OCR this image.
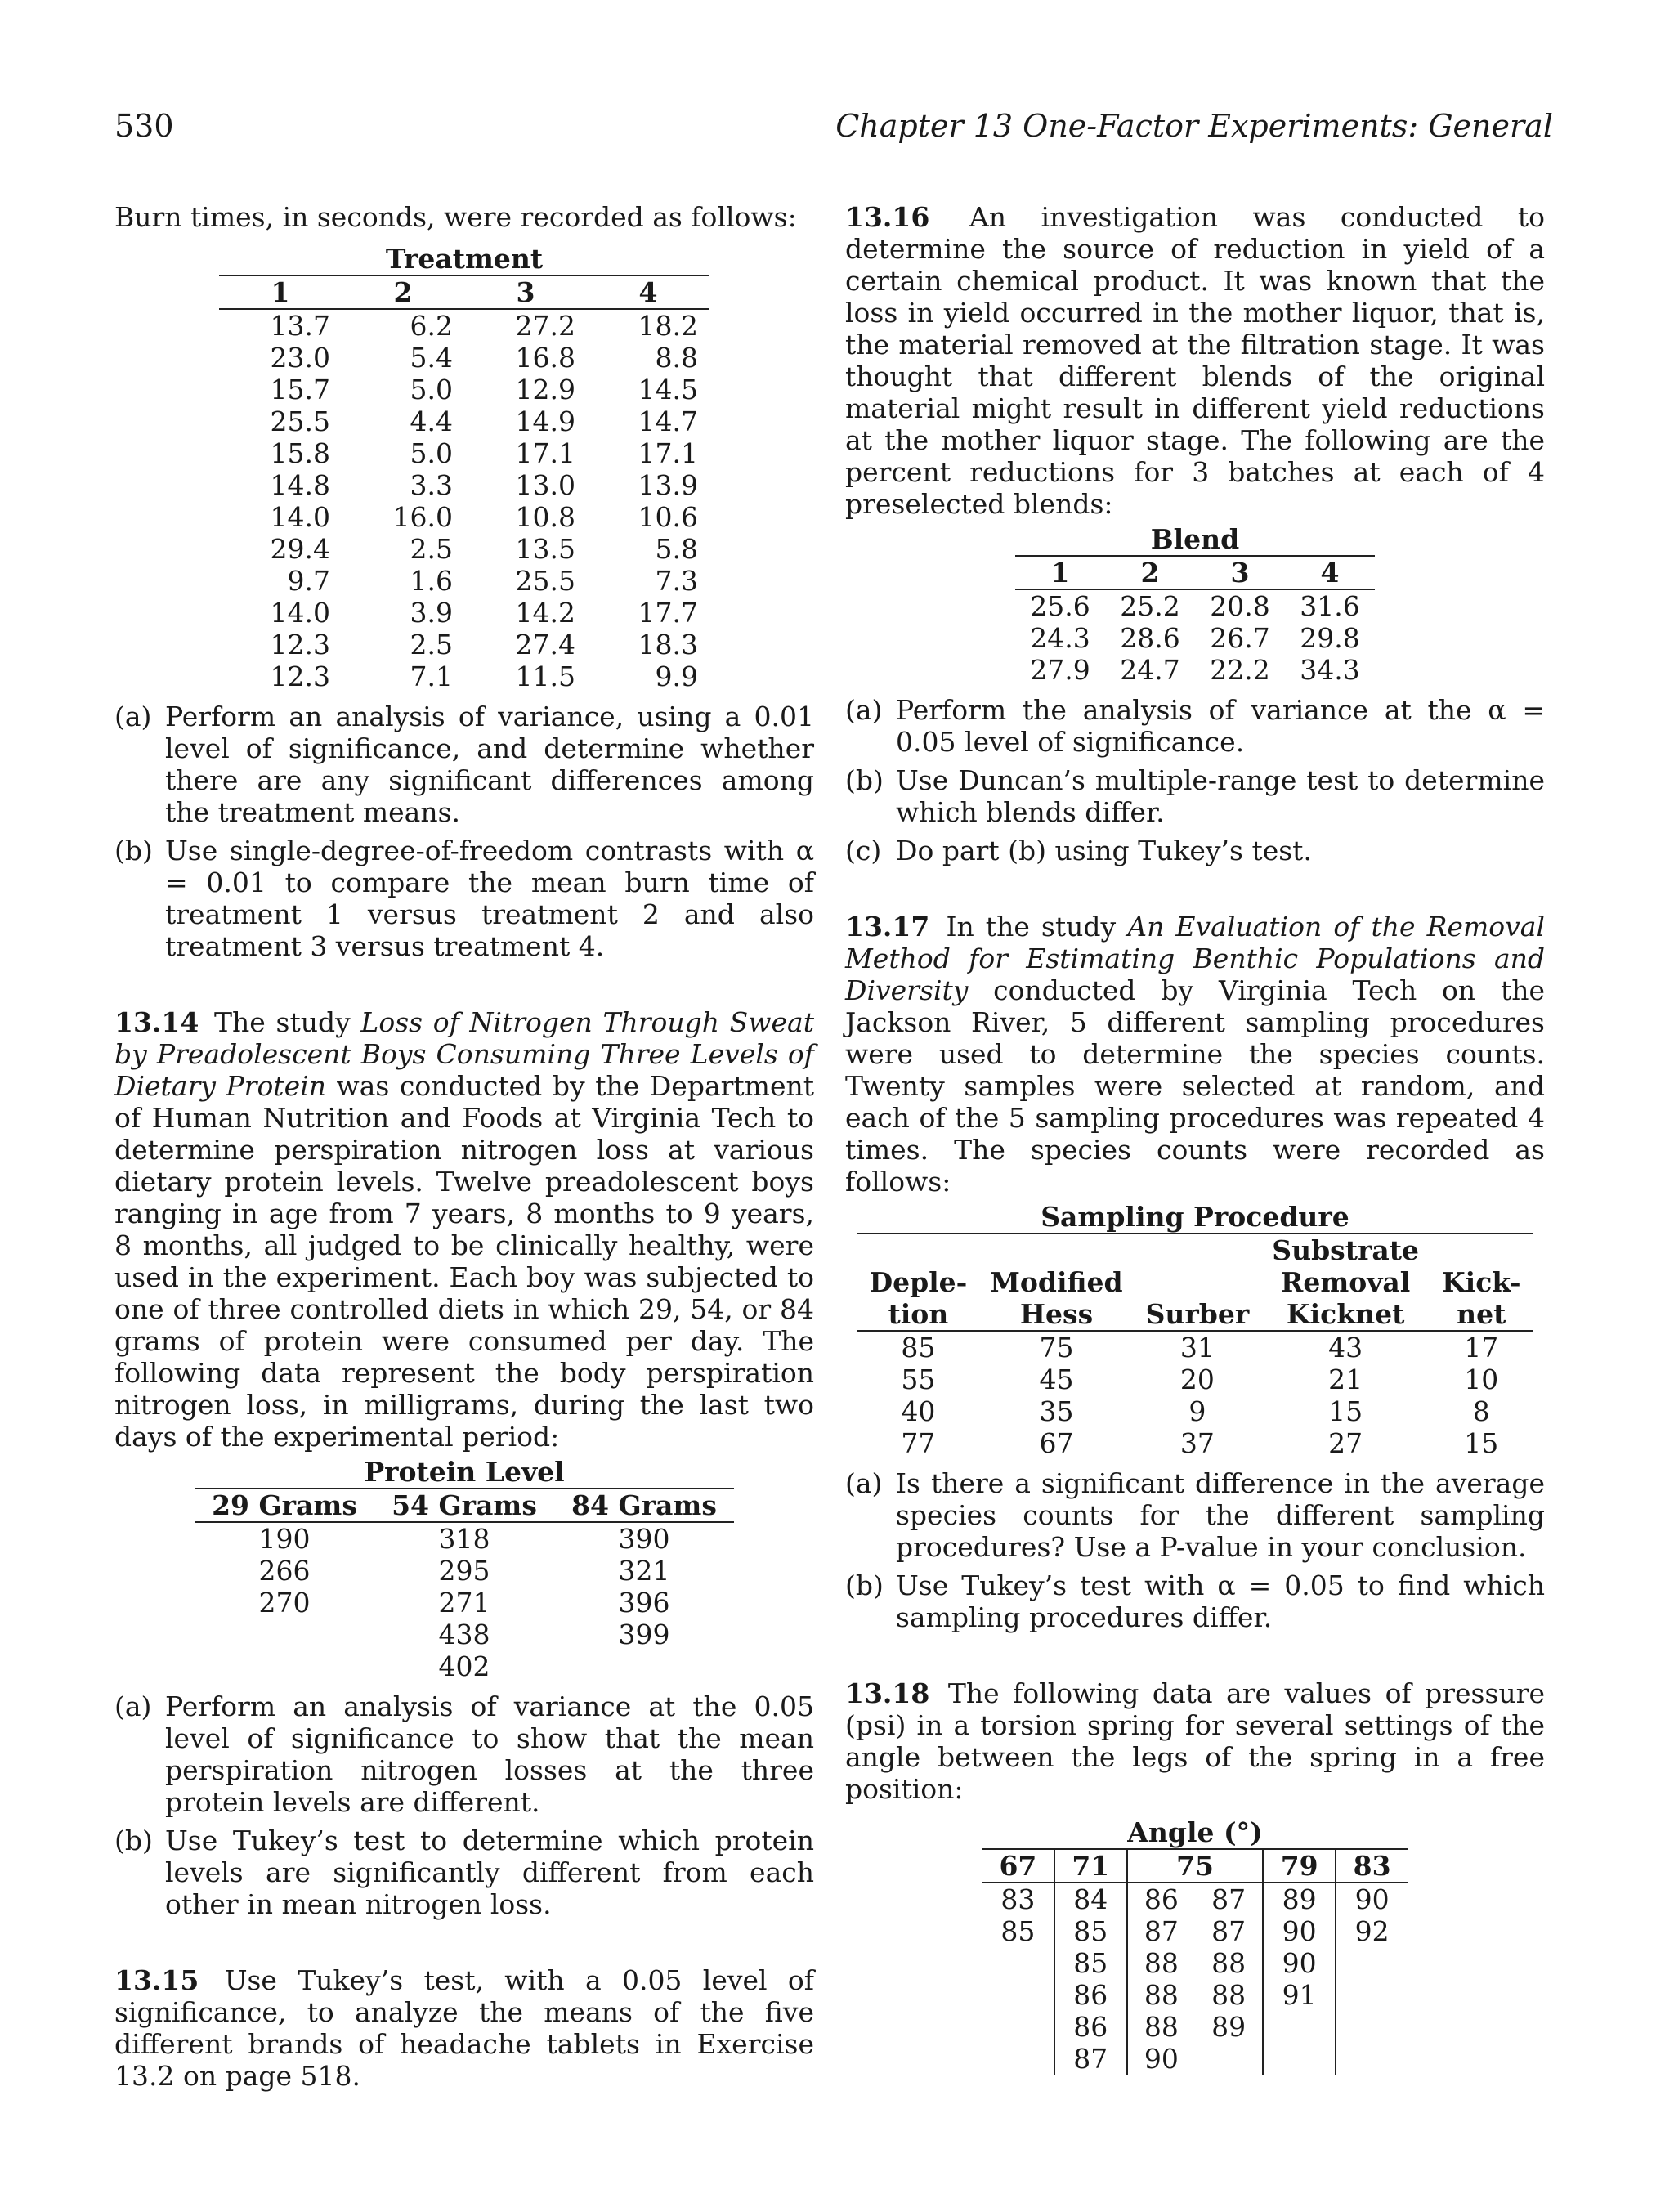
530	Chapter 13 One-Factor Experiments: General

Burn times, in seconds, were recorded as follows:

Treatment			
1	2	3	4
13.7	6.2	27.2	18.2
23.0	5.4	16.8	8.8
15.7	5.0	12.9	14.5
25.5	4.4	14.9	14.7
15.8	5.0	17.1	17.1
14.8	3.3	13.0	13.9
14.0	16.0	10.8	10.6
29.4	2.5	13.5	5.8
9.7	1.6	25.5	7.3
14.0	3.9	14.2	17.7
12.3	2.5	27.4	18.3
12.3	7.1	11.5	9.9
(a) Perform an analysis of variance, using a 0.01 level of significance, and determine whether there are any significant differences among the treatment means.
(b) Use single-degree-of-freedom contrasts with α = 0.01 to compare the mean burn time of treatment 1 versus treatment 2 and also treatment 3 versus treatment 4.

13.14 The study Loss of Nitrogen Through Sweat by Preadolescent Boys Consuming Three Levels of Dietary Protein was conducted by the Department of Human Nutrition and Foods at Virginia Tech to determine perspiration nitrogen loss at various dietary protein levels. Twelve preadolescent boys ranging in age from 7 years, 8 months to 9 years, 8 months, all judged to be clinically healthy, were used in the experiment. Each boy was subjected to one of three controlled diets in which 29, 54, or 84 grams of protein were consumed per day. The following data represent the body perspiration nitrogen loss, in milligrams, during the last two days of the experimental period:

Protein Level		
29 Grams	54 Grams	84 Grams
190	318	390
266	295	321
270	271	396
	438	399
	402	
(a) Perform an analysis of variance at the 0.05 level of significance to show that the mean perspiration nitrogen losses at the three protein levels are different.
(b) Use Tukey’s test to determine which protein levels are significantly different from each other in mean nitrogen loss.

13.15 Use Tukey’s test, with a 0.05 level of significance, to analyze the means of the five different brands of headache tablets in Exercise 13.2 on page 518.

13.16 An investigation was conducted to determine the source of reduction in yield of a certain chemical product. It was known that the loss in yield occurred in the mother liquor, that is, the material removed at the filtration stage. It was thought that different blends of the original material might result in different yield reductions at the mother liquor stage. The following are the percent reductions for 3 batches at each of 4 preselected blends:

Blend			
1	2	3	4
25.6	25.2	20.8	31.6
24.3	28.6	26.7	29.8
27.9	24.7	22.2	34.3
(a) Perform the analysis of variance at the α = 0.05 level of significance.
(b) Use Duncan’s multiple-range test to determine which blends differ.
(c) Do part (b) using Tukey’s test.

13.17 In the study An Evaluation of the Removal Method for Estimating Benthic Populations and Diversity conducted by Virginia Tech on the Jackson River, 5 different sampling procedures were used to determine the species counts. Twenty samples were selected at random, and each of the 5 sampling procedures was repeated 4 times. The species counts were recorded as follows:

Sampling Procedure				
			Substrate	
Deple-	Modified		Removal	Kick-
tion	Hess	Surber	Kicknet	net
85	75	31	43	17
55	45	20	21	10
40	35	9	15	8
77	67	37	27	15
(a) Is there a significant difference in the average species counts for the different sampling procedures? Use a P-value in your conclusion.
(b) Use Tukey’s test with α = 0.05 to find which sampling procedures differ.

13.18 The following data are values of pressure (psi) in a torsion spring for several settings of the angle between the legs of the spring in a free position:

Angle (°)					
67	71	75		79	83
83	84	86	87	89	90
85	85	87	87	90	92
	85	88	88	90	
	86	88	88	91	
	86	88	89		
	87	90			
